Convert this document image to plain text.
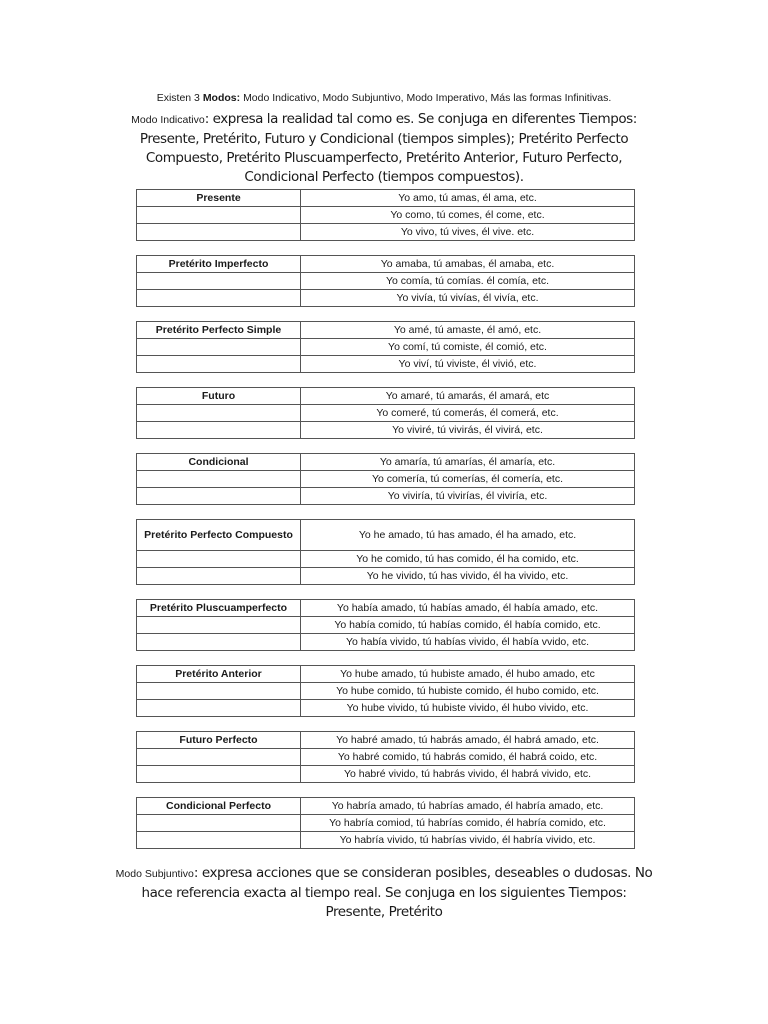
Existen 3 Modos: Modo Indicativo, Modo Subjuntivo, Modo Imperativo, Más las formas Infinitivas.
Modo Indicativo: expresa la realidad tal como es. Se conjuga en diferentes Tiempos: Presente, Pretérito, Futuro y Condicional (tiempos simples); Pretérito Perfecto Compuesto, Pretérito Pluscuamperfecto, Pretérito Anterior, Futuro Perfecto, Condicional Perfecto (tiempos compuestos).
Presente	Yo amo, tú amas, él ama, etc.
	Yo como, tú comes, él come, etc.
	Yo vivo, tú vives, él vive. etc.
Pretérito Imperfecto	Yo amaba, tú amabas, él amaba, etc.
	Yo comía, tú comías. él comía, etc.
	Yo vivía, tú vivías, él vivía, etc.
Pretérito Perfecto Simple	Yo amé, tú amaste, él amó, etc.
	Yo comí, tú comiste, él comió, etc.
	Yo viví, tú viviste, él vivió, etc.
Futuro	Yo amaré, tú amarás, él amará, etc
	Yo comeré, tú comerás, él comerá, etc.
	Yo viviré, tú vivirás, él vivirá, etc.
Condicional	Yo amaría, tú amarías, él amaría, etc.
	Yo comería, tú comerías, él comería, etc.
	Yo viviría, tú vivirías, él viviría, etc.
Pretérito Perfecto Compuesto	Yo he amado, tú has amado, él ha amado, etc.
	Yo he comido, tú has comido, él ha comido, etc.
	Yo he vivido, tú has vivido, él ha vivido, etc.
Pretérito Pluscuamperfecto	Yo había amado, tú habías amado, él había amado, etc.
	Yo había comido, tú habías comido, él había comido, etc.
	Yo había vivido, tú habías vivido, él había vvido, etc.
Pretérito Anterior	Yo hube amado, tú hubiste amado, él hubo amado, etc
	Yo hube comido, tú hubiste comido, él hubo comido, etc.
	Yo hube vivido, tú hubiste vivido, él hubo vivido, etc.
Futuro Perfecto	Yo habré amado, tú habrás amado, él habrá amado, etc.
	Yo habré comido, tú habrás comido, él habrá coido, etc.
	Yo habré vivido, tú habrás vivido, él habrá vivido, etc.
Condicional Perfecto	Yo habría amado, tú habrías amado, él habría amado, etc.
	Yo habría comiod, tú habrías comido, él habría comido, etc.
	Yo habría vivido, tú habrías vivido, él habría vivido, etc.
Modo Subjuntivo: expresa acciones que se consideran posibles, deseables o dudosas. No hace referencia exacta al tiempo real. Se conjuga en los siguientes Tiempos: Presente, Pretérito
